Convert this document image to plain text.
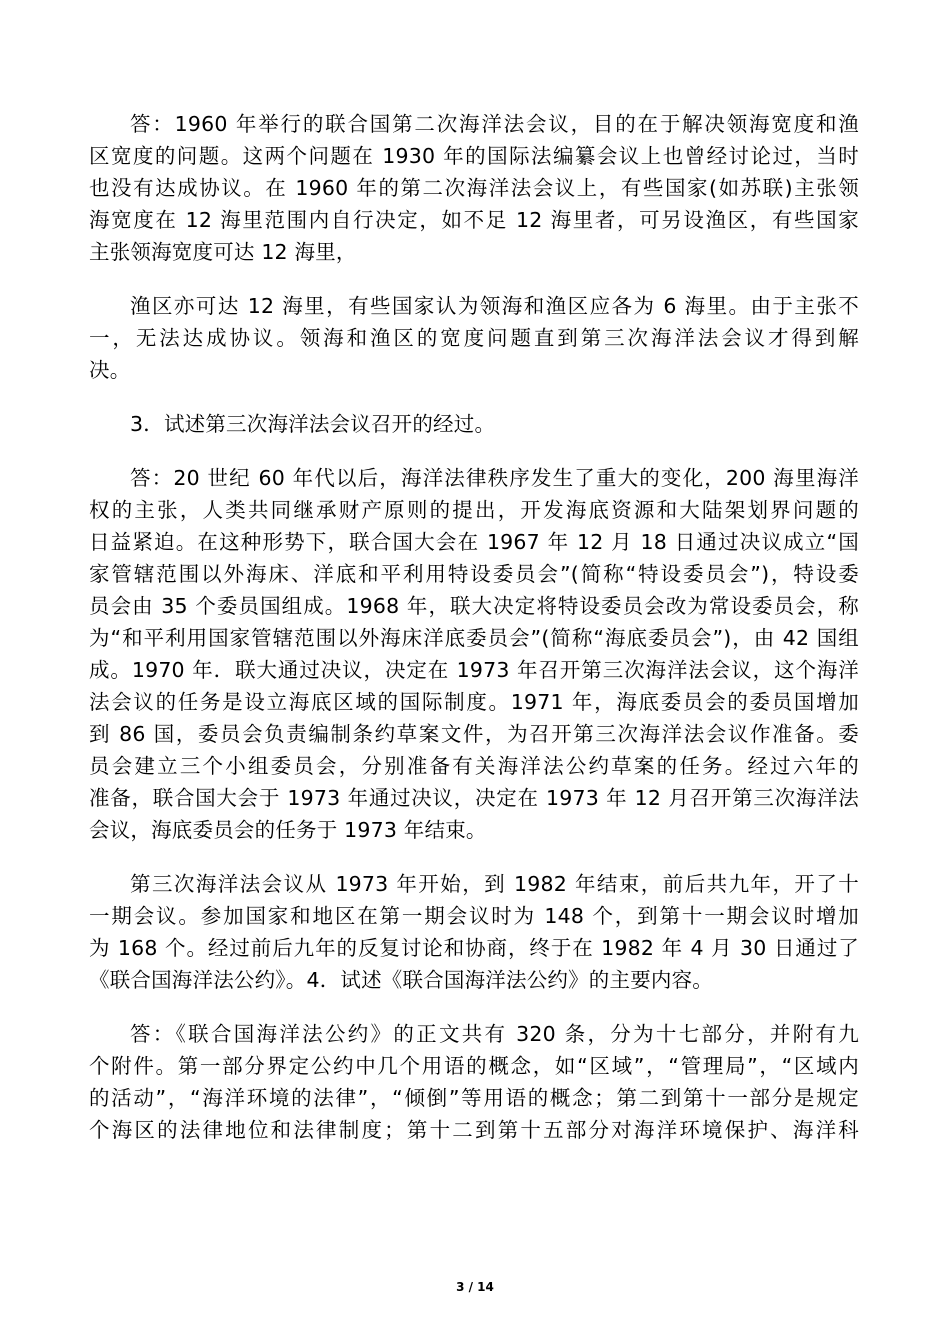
答：1960 年举行的联合国第二次海洋法会议，目的在于解决领海宽度和渔
区宽度的问题。这两个问题在 1930 年的国际法编纂会议上也曾经讨论过，当时
也没有达成协议。在 1960 年的第二次海洋法会议上，有些国家(如苏联)主张领
海宽度在 12 海里范围内自行决定，如不足 12 海里者，可另设渔区，有些国家
主张领海宽度可达 12 海里，
渔区亦可达 12 海里，有些国家认为领海和渔区应各为 6 海里。由于主张不
一，无法达成协议。领海和渔区的宽度问题直到第三次海洋法会议才得到解
决。
3．试述第三次海洋法会议召开的经过。
答：20 世纪 60 年代以后，海洋法律秩序发生了重大的变化，200 海里海洋
权的主张，人类共同继承财产原则的提出，开发海底资源和大陆架划界问题的
日益紧迫。在这种形势下，联合国大会在 1967 年 12 月 18 日通过决议成立“国
家管辖范围以外海床、洋底和平利用特设委员会”(简称“特设委员会”)，特设委
员会由 35 个委员国组成。1968 年，联大决定将特设委员会改为常设委员会，称
为“和平利用国家管辖范围以外海床洋底委员会”(简称“海底委员会”)，由 42 国组
成。1970 年．联大通过决议，决定在 1973 年召开第三次海洋法会议，这个海洋
法会议的任务是设立海底区域的国际制度。1971 年，海底委员会的委员国增加
到 86 国，委员会负责编制条约草案文件，为召开第三次海洋法会议作准备。委
员会建立三个小组委员会，分别准备有关海洋法公约草案的任务。经过六年的
准备，联合国大会于 1973 年通过决议，决定在 1973 年 12 月召开第三次海洋法
会议，海底委员会的任务于 1973 年结束。
第三次海洋法会议从 1973 年开始，到 1982 年结束，前后共九年，开了十
一期会议。参加国家和地区在第一期会议时为 148 个，到第十一期会议时增加
为 168 个。经过前后九年的反复讨论和协商，终于在 1982 年 4 月 30 日通过了
《联合国海洋法公约》。4．试述《联合国海洋法公约》的主要内容。
答：《联合国海洋法公约》的正文共有 320 条，分为十七部分，并附有九
个附件。第一部分界定公约中几个用语的概念，如“区域”，“管理局”，“区域内
的活动”，“海洋环境的法律”，“倾倒”等用语的概念；第二到第十一部分是规定
个海区的法律地位和法律制度；第十二到第十五部分对海洋环境保护、海洋科
3 / 14
